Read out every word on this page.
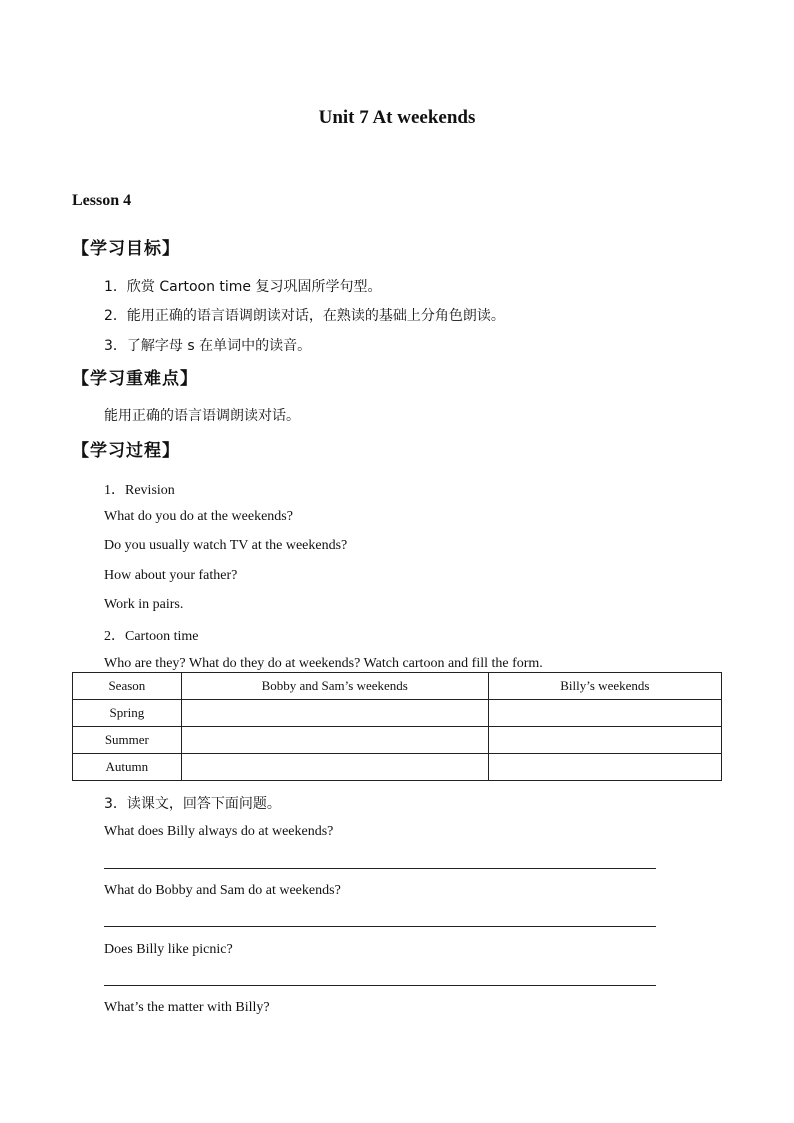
Unit 7 At weekends
Lesson 4
【学习目标】
1．欣赏 Cartoon time 复习巩固所学句型。
2．能用正确的语言语调朗读对话，在熟读的基础上分角色朗读。
3．了解字母 s 在单词中的读音。
【学习重难点】
能用正确的语言语调朗读对话。
【学习过程】
1．Revision
What do you do at the weekends?
Do you usually watch TV at the weekends?
How about your father?
Work in pairs.
2．Cartoon time
Who are they? What do they do at weekends? Watch cartoon and fill the form.
Season	Bobby and Sam’s weekends	Billy’s weekends
Spring		
Summer		
Autumn		
3．读课文，回答下面问题。
What does Billy always do at weekends?
What do Bobby and Sam do at weekends?
Does Billy like picnic?
What’s the matter with Billy?
